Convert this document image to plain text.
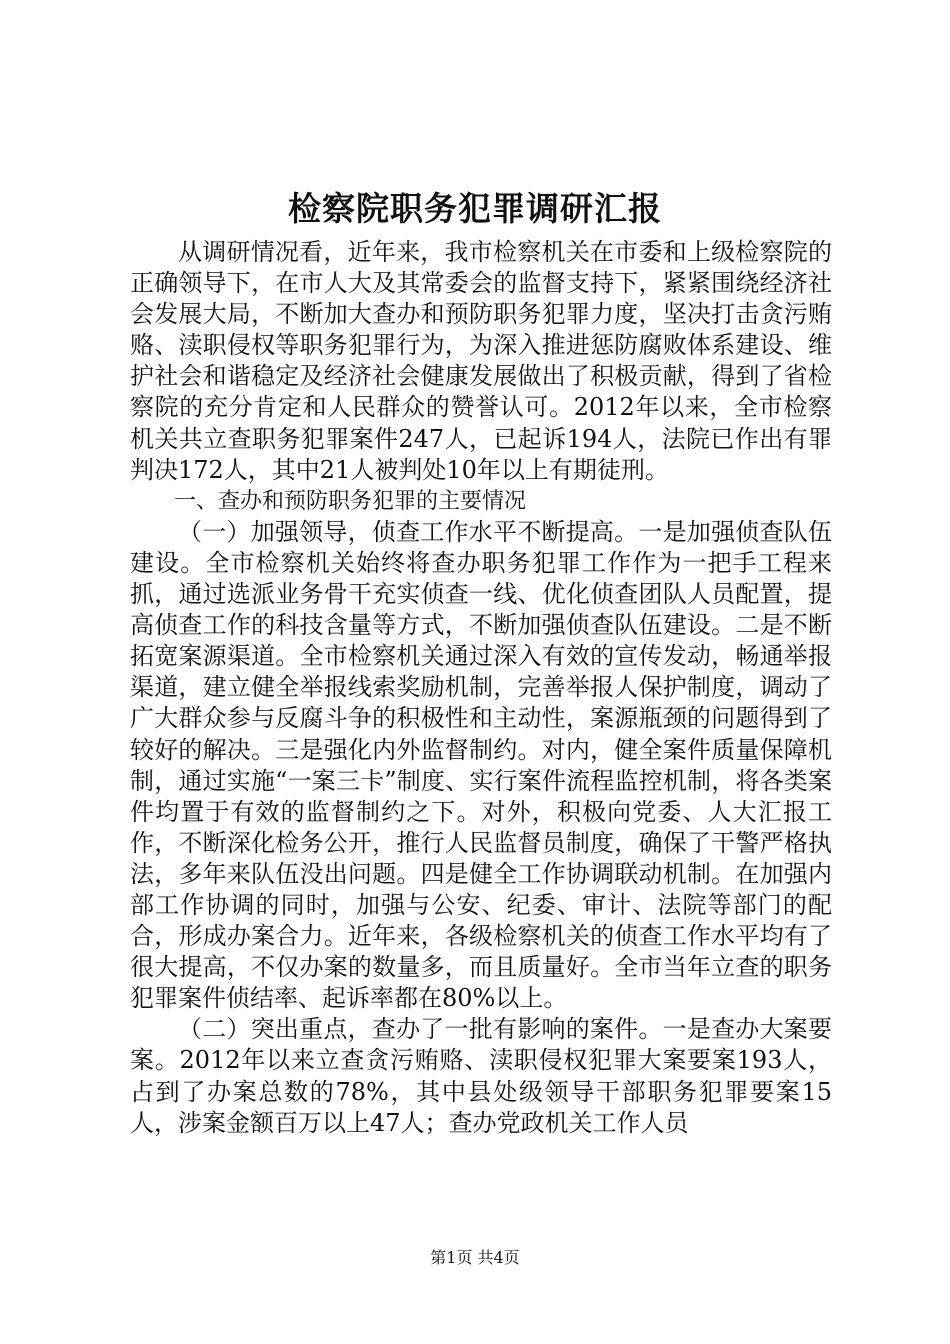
检察院职务犯罪调研汇报

从调研情况看，近年来，我市检察机关在市委和上级检察院的正确领导下，在市人大及其常委会的监督支持下，紧紧围绕经济社会发展大局，不断加大查办和预防职务犯罪力度，坚决打击贪污贿赂、渎职侵权等职务犯罪行为，为深入推进惩防腐败体系建设、维护社会和谐稳定及经济社会健康发展做出了积极贡献，得到了省检察院的充分肯定和人民群众的赞誉认可。2012年以来，全市检察机关共立查职务犯罪案件247人，已起诉194人，法院已作出有罪判决172人，其中21人被判处10年以上有期徒刑。

一、查办和预防职务犯罪的主要情况

（一）加强领导，侦查工作水平不断提高。一是加强侦查队伍建设。全市检察机关始终将查办职务犯罪工作作为一把手工程来抓，通过选派业务骨干充实侦查一线、优化侦查团队人员配置，提高侦查工作的科技含量等方式，不断加强侦查队伍建设。二是不断拓宽案源渠道。全市检察机关通过深入有效的宣传发动，畅通举报渠道，建立健全举报线索奖励机制，完善举报人保护制度，调动了广大群众参与反腐斗争的积极性和主动性，案源瓶颈的问题得到了较好的解决。三是强化内外监督制约。对内，健全案件质量保障机制，通过实施“一案三卡”制度、实行案件流程监控机制，将各类案件均置于有效的监督制约之下。对外，积极向党委、人大汇报工作，不断深化检务公开，推行人民监督员制度，确保了干警严格执法，多年来队伍没出问题。四是健全工作协调联动机制。在加强内部工作协调的同时，加强与公安、纪委、审计、法院等部门的配合，形成办案合力。近年来，各级检察机关的侦查工作水平均有了很大提高，不仅办案的数量多，而且质量好。全市当年立查的职务犯罪案件侦结率、起诉率都在80%以上。

（二）突出重点，查办了一批有影响的案件。一是查办大案要案。2012年以来立查贪污贿赂、渎职侵权犯罪大案要案193人，占到了办案总数的78%，其中县处级领导干部职务犯罪要案15人，涉案金额百万以上47人；查办党政机关工作人员

第1页 共4页
